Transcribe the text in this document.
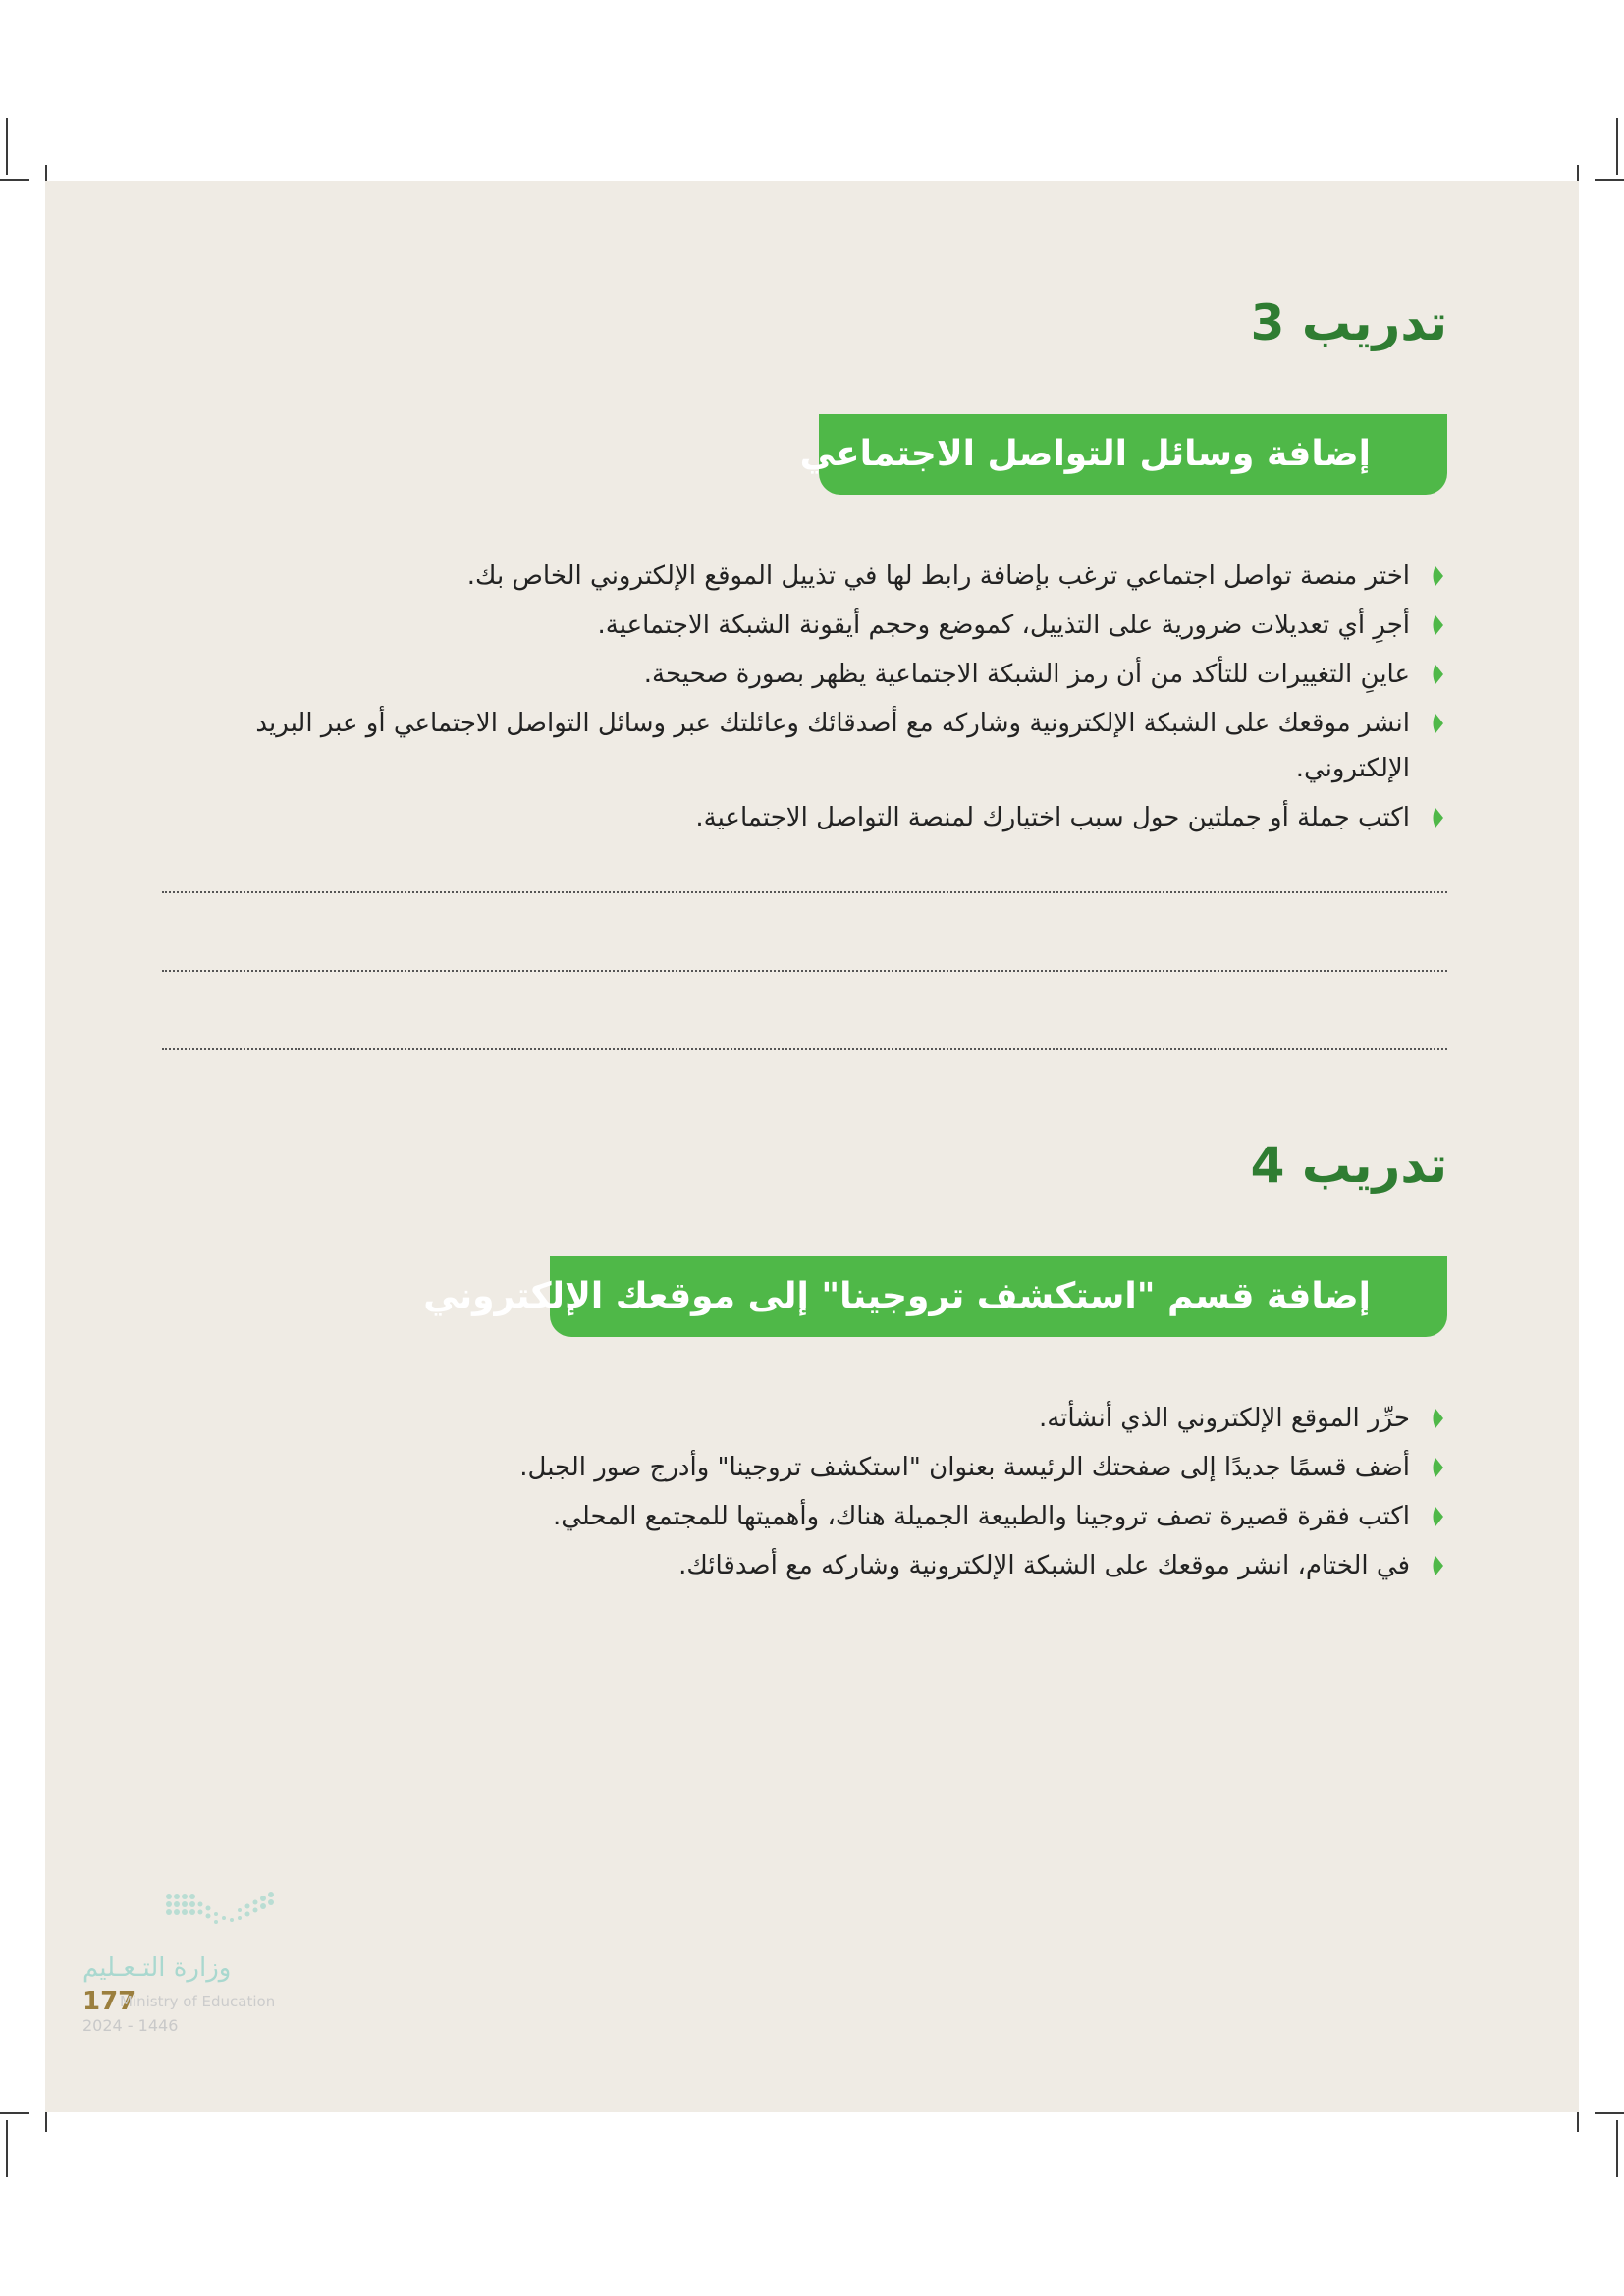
تدريب 3
إضافة وسائل التواصل الاجتماعي
اختر منصة تواصل اجتماعي ترغب بإضافة رابط لها في تذييل الموقع الإلكتروني الخاص بك.
أجرِ أي تعديلات ضرورية على التذييل، كموضع وحجم أيقونة الشبكة الاجتماعية.
عاينِ التغييرات للتأكد من أن رمز الشبكة الاجتماعية يظهر بصورة صحيحة.
انشر موقعك على الشبكة الإلكترونية وشاركه مع أصدقائك وعائلتك عبر وسائل التواصل الاجتماعي أو عبر البريد الإلكتروني.
اكتب جملة أو جملتين حول سبب اختيارك لمنصة التواصل الاجتماعية.
تدريب 4
إضافة قسم "استكشف تروجينا" إلى موقعك الإلكتروني
حرِّر الموقع الإلكتروني الذي أنشأته.
أضف قسمًا جديدًا إلى صفحتك الرئيسة بعنوان "استكشف تروجينا" وأدرج صور الجبل.
اكتب فقرة قصيرة تصف تروجينا والطبيعة الجميلة هناك، وأهميتها للمجتمع المحلي.
في الختام، انشر موقعك على الشبكة الإلكترونية وشاركه مع أصدقائك.
وزارة التـعـليم
177
Ministry of Education
2024 - 1446
